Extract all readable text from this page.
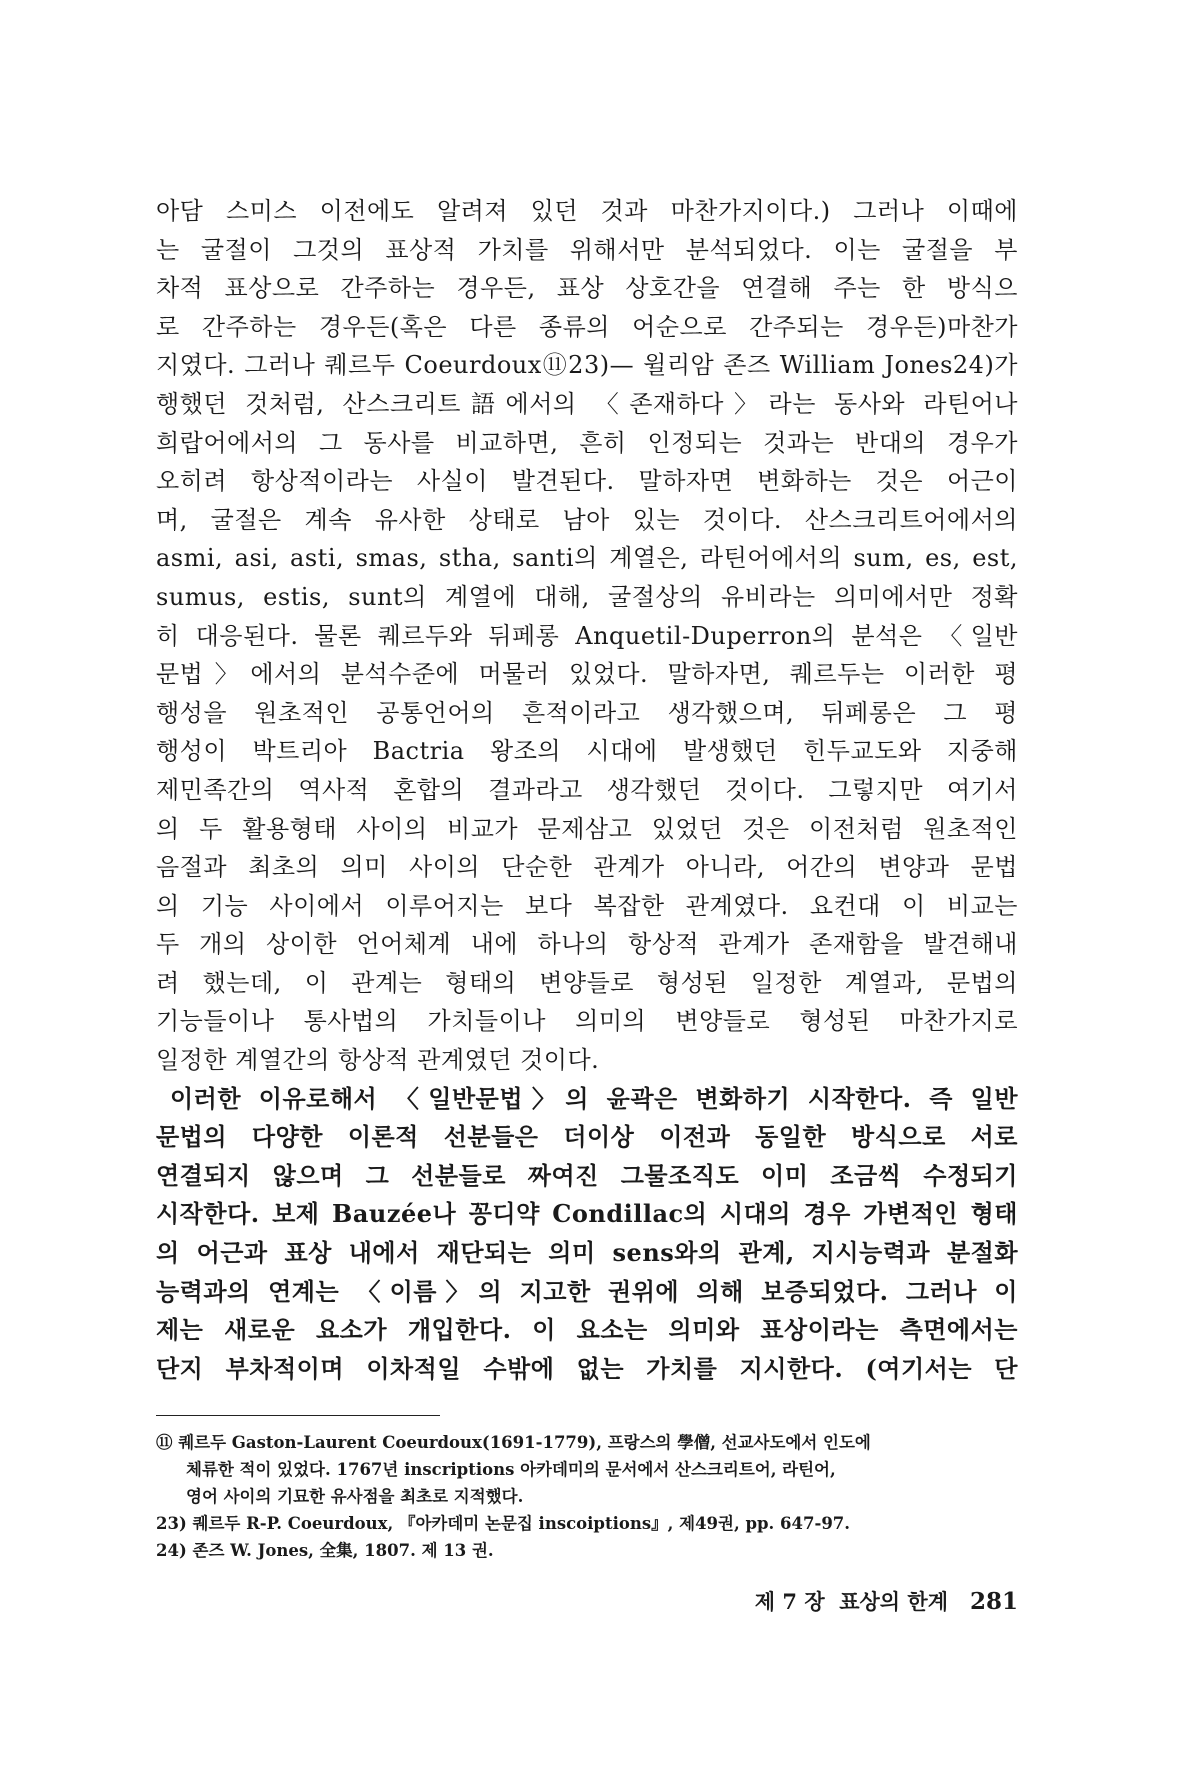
아담 스미스 이전에도 알려져 있던 것과 마찬가지이다.) 그러나 이때에
는 굴절이 그것의 표상적 가치를 위해서만 분석되었다. 이는 굴절을 부
차적 표상으로 간주하는 경우든, 표상 상호간을 연결해 주는 한 방식으
로 간주하는 경우든(혹은 다른 종류의 어순으로 간주되는 경우든)마찬가
지였다. 그러나 퀘르두 Coeurdoux⑪23)— 윌리암 존즈 William Jones24)가
행했던 것처럼, 산스크리트語에서의 〈존재하다〉라는 동사와 라틴어나
희랍어에서의 그 동사를 비교하면, 흔히 인정되는 것과는 반대의 경우가
오히려 항상적이라는 사실이 발견된다. 말하자면 변화하는 것은 어근이
며, 굴절은 계속 유사한 상태로 남아 있는 것이다. 산스크리트어에서의
asmi, asi, asti, smas, stha, santi의 계열은, 라틴어에서의 sum, es, est,
sumus, estis, sunt의 계열에 대해, 굴절상의 유비라는 의미에서만 정확
히 대응된다. 물론 퀘르두와 뒤페롱 Anquetil-Duperron의 분석은 〈일반
문법〉에서의 분석수준에 머물러 있었다. 말하자면, 퀘르두는 이러한 평
행성을 원초적인 공통언어의 흔적이라고 생각했으며, 뒤페롱은 그 평
행성이 박트리아 Bactria 왕조의 시대에 발생했던 힌두교도와 지중해
제민족간의 역사적 혼합의 결과라고 생각했던 것이다. 그렇지만 여기서
의 두 활용형태 사이의 비교가 문제삼고 있었던 것은 이전처럼 원초적인
음절과 최초의 의미 사이의 단순한 관계가 아니라, 어간의 변양과 문법
의 기능 사이에서 이루어지는 보다 복잡한 관계였다. 요컨대 이 비교는
두 개의 상이한 언어체계 내에 하나의 항상적 관계가 존재함을 발견해내
려 했는데, 이 관계는 형태의 변양들로 형성된 일정한 계열과, 문법의
기능들이나 통사법의 가치들이나 의미의 변양들로 형성된 마찬가지로
일정한 계열간의 항상적 관계였던 것이다.
이러한 이유로해서 〈일반문법〉의 윤곽은 변화하기 시작한다. 즉 일반
문법의 다양한 이론적 선분들은 더이상 이전과 동일한 방식으로 서로
연결되지 않으며 그 선분들로 짜여진 그물조직도 이미 조금씩 수정되기
시작한다. 보제 Bauzée나 꽁디약 Condillac의 시대의 경우 가변적인 형태
의 어근과 표상 내에서 재단되는 의미 sens와의 관계, 지시능력과 분절화
능력과의 연계는 〈이름〉의 지고한 권위에 의해 보증되었다. 그러나 이
제는 새로운 요소가 개입한다. 이 요소는 의미와 표상이라는 측면에서는
단지 부차적이며 이차적일 수밖에 없는 가치를 지시한다. (여기서는 단
⑪ 퀘르두 Gaston-Laurent Coeurdoux(1691-1779), 프랑스의 學僧, 선교사도에서 인도에
체류한 적이 있었다. 1767년 inscriptions 아카데미의 문서에서 산스크리트어, 라틴어,
영어 사이의 기묘한 유사점을 최초로 지적했다.
23) 퀘르두 R-P. Coeurdoux, 『아카데미 논문집 inscoiptions』, 제49권, pp. 647-97.
24) 존즈 W. Jones, 全集, 1807. 제 13 권.
제 7 장 표상의 한계 281
